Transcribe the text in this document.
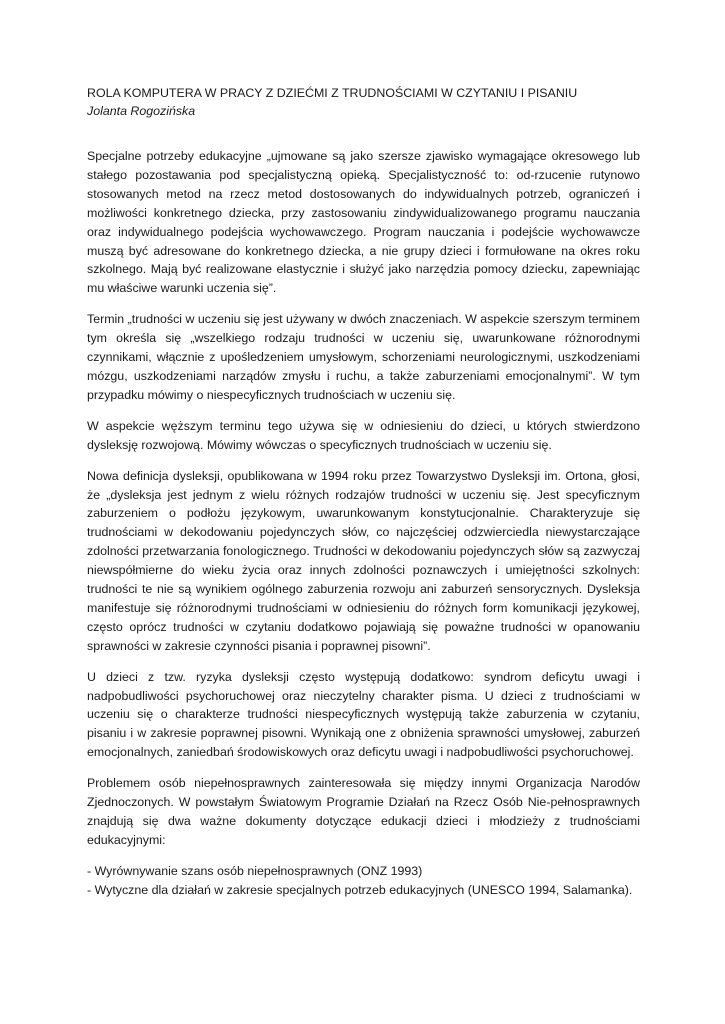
ROLA KOMPUTERA W PRACY Z DZIEĆMI Z TRUDNOŚCIAMI W CZYTANIU I PISANIU

Jolanta Rogozińska

Specjalne potrzeby edukacyjne „ujmowane są jako szersze zjawisko wymagające okresowego lub stałego pozostawania pod specjalistyczną opieką. Specjalistyczność to: od-rzucenie rutynowo stosowanych metod na rzecz metod dostosowanych do indywidualnych potrzeb, ograniczeń i możliwości konkretnego dziecka, przy zastosowaniu zindywidualizowanego programu nauczania oraz indywidualnego podejścia wychowawczego. Program nauczania i podejście wychowawcze muszą być adresowane do konkretnego dziecka, a nie grupy dzieci i formułowane na okres roku szkolnego. Mają być realizowane elastycznie i służyć jako narzędzia pomocy dziecku, zapewniając mu właściwe warunki uczenia się”.

Termin „trudności w uczeniu się jest używany w dwóch znaczeniach. W aspekcie szerszym terminem tym określa się „wszelkiego rodzaju trudności w uczeniu się, uwarunkowane różnorodnymi czynnikami, włącznie z upośledzeniem umysłowym, schorzeniami neurologicznymi, uszkodzeniami mózgu, uszkodzeniami narządów zmysłu i ruchu, a także zaburzeniami emocjonalnymi”. W tym przypadku mówimy o niespecyficznych trudnościach w uczeniu się.

W aspekcie węższym terminu tego używa się w odniesieniu do dzieci, u których stwierdzono dysleksję rozwojową. Mówimy wówczas o specyficznych trudnościach w uczeniu się.

Nowa definicja dysleksji, opublikowana w 1994 roku przez Towarzystwo Dysleksji im. Ortona, głosi, że „dysleksja jest jednym z wielu różnych rodzajów trudności w uczeniu się. Jest specyficznym zaburzeniem o podłożu językowym, uwarunkowanym konstytucjonalnie. Charakteryzuje się trudnościami w dekodowaniu pojedynczych słów, co najczęściej odzwierciedla niewystarczające zdolności przetwarzania fonologicznego. Trudności w dekodowaniu pojedynczych słów są zazwyczaj niewspółmierne do wieku życia oraz innych zdolności poznawczych i umiejętności szkolnych: trudności te nie są wynikiem ogólnego zaburzenia rozwoju ani zaburzeń sensorycznych. Dysleksja manifestuje się różnorodnymi trudnościami w odniesieniu do różnych form komunikacji językowej, często oprócz trudności w czytaniu dodatkowo pojawiają się poważne trudności w opanowaniu sprawności w zakresie czynności pisania i poprawnej pisowni”.

U dzieci z tzw. ryzyka dysleksji często występują dodatkowo: syndrom deficytu uwagi i nadpobudliwości psychoruchowej oraz nieczytelny charakter pisma. U dzieci z trudnościami w uczeniu się o charakterze trudności niespecyficznych występują także zaburzenia w czytaniu, pisaniu i w zakresie poprawnej pisowni. Wynikają one z obniżenia sprawności umysłowej, zaburzeń emocjonalnych, zaniedbań środowiskowych oraz deficytu uwagi i nadpobudliwości psychoruchowej.

Problemem osób niepełnosprawnych zainteresowała się między innymi Organizacja Narodów Zjednoczonych. W powstałym Światowym Programie Działań na Rzecz Osób Nie-pełnosprawnych znajdują się dwa ważne dokumenty dotyczące edukacji dzieci i młodzieży z trudnościami edukacyjnymi:

- Wyrównywanie szans osób niepełnosprawnych (ONZ 1993)

- Wytyczne dla działań w zakresie specjalnych potrzeb edukacyjnych (UNESCO 1994, Salamanka).
